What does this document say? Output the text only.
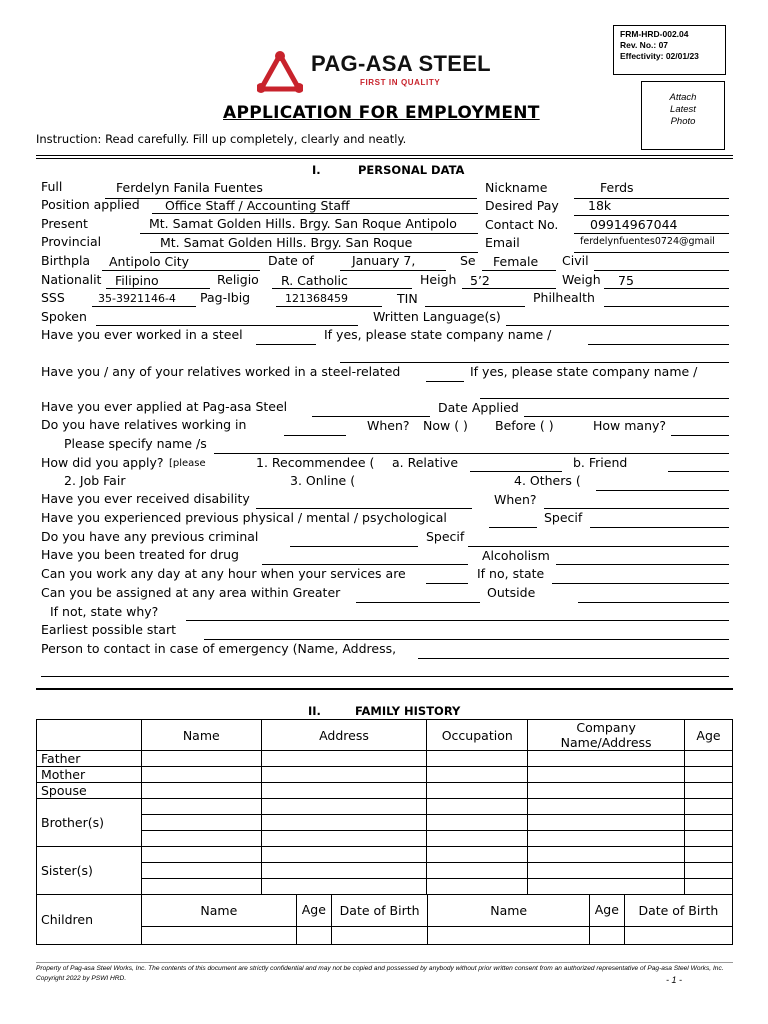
FRM-HRD-002.04
Rev. No.: 07
Effectivity: 02/01/23
PAG-ASA STEEL
FIRST IN QUALITY
Attach
Latest
Photo
APPLICATION FOR EMPLOYMENT
Instruction: Read carefully. Fill up completely, clearly and neatly.
I.	PERSONAL DATA
Full	Ferdelyn Fanila Fuentes	Nickname	Ferds
Position applied Office Staff / Accounting Staff	Desired Pay 18k
Present	Mt. Samat Golden Hills. Brgy. San Roque Antipolo Contact No.	09914967044
Provincial	Mt. Samat Golden Hills. Brgy. San Roque	Email	ferdelynfuentes0724@gmail
Birthpla Antipolo City	Date of	January 7,	Se Female Civil
Nationalit Filipino	Religio R. Catholic	Heigh 5’2	Weigh 75
SSS	35-3921146-4 Pag-Ibig	121368459	TIN	Philhealth
Spoken	Written Language(s)
Have you ever worked in a steel	If yes, please state company name /
Have you / any of your relatives worked in a steel-related	If yes, please state company name /
Have you ever applied at Pag-asa Steel	Date Applied
Do you have relatives working in	When? Now ( ) Before ( )	How many?
Please specify name /s
How did you apply? [please	1. Recommendee ( a. Relative	b. Friend
2. Job Fair	3. Online (	4. Others (
Have you ever received disability	When?
Have you experienced previous physical / mental / psychological	Specif
Do you have any previous criminal	Specif
Have you been treated for drug	Alcoholism
Can you work any day at any hour when your services are	If no, state
Can you be assigned at any area within Greater	Outside
If not, state why?
Earliest possible start
Person to contact in case of emergency (Name, Address,
II.	FAMILY HISTORY
	Name	Address	Occupation	Company Name/Address	Age
Father					
Mother					
Spouse					
Brother(s)					

Sister(s)					

Children	
Name	Age	Date of Birth	Name	Age	Date of Birth

Property of Pag-asa Steel Works, Inc. The contents of this document are strictly confidential and may not be copied and possessed by anybody without prior written consent from an authorized representative of Pag-asa Steel Works, Inc. Copyright 2022 by PSWI HRD.	- 1 -
